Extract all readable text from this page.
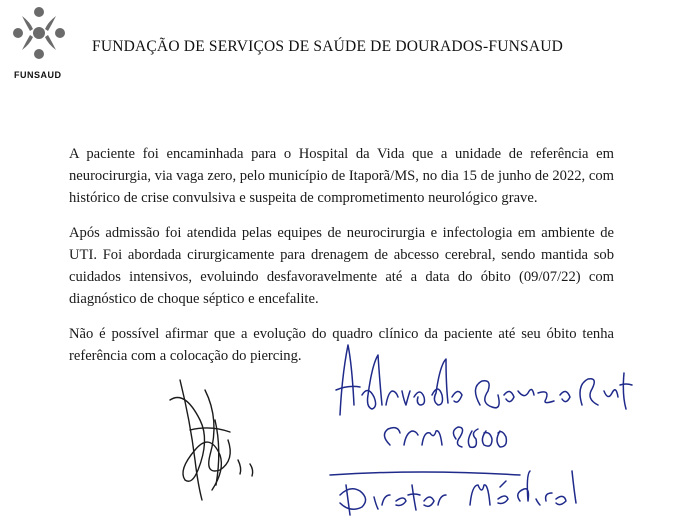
FUNSAUD
FUNDAÇÃO DE SERVIÇOS DE SAÚDE DE DOURADOS-FUNSAUD

A paciente foi encaminhada para o Hospital da Vida que a unidade de referência em neurocirurgia, via vaga zero, pelo município de Itaporã/MS, no dia 15 de junho de 2022, com histórico de crise convulsiva e suspeita de comprometimento neurológico grave.

Após admissão foi atendida pelas equipes de neurocirurgia e infectologia em ambiente de UTI. Foi abordada cirurgicamente para drenagem de abcesso cerebral, sendo mantida sob cuidados intensivos, evoluindo desfavoravelmente até a data do óbito (09/07/22) com diagnóstico de choque séptico e encefalite.

Não é possível afirmar que a evolução do quadro clínico da paciente até seu óbito tenha referência com a colocação do piercing.
